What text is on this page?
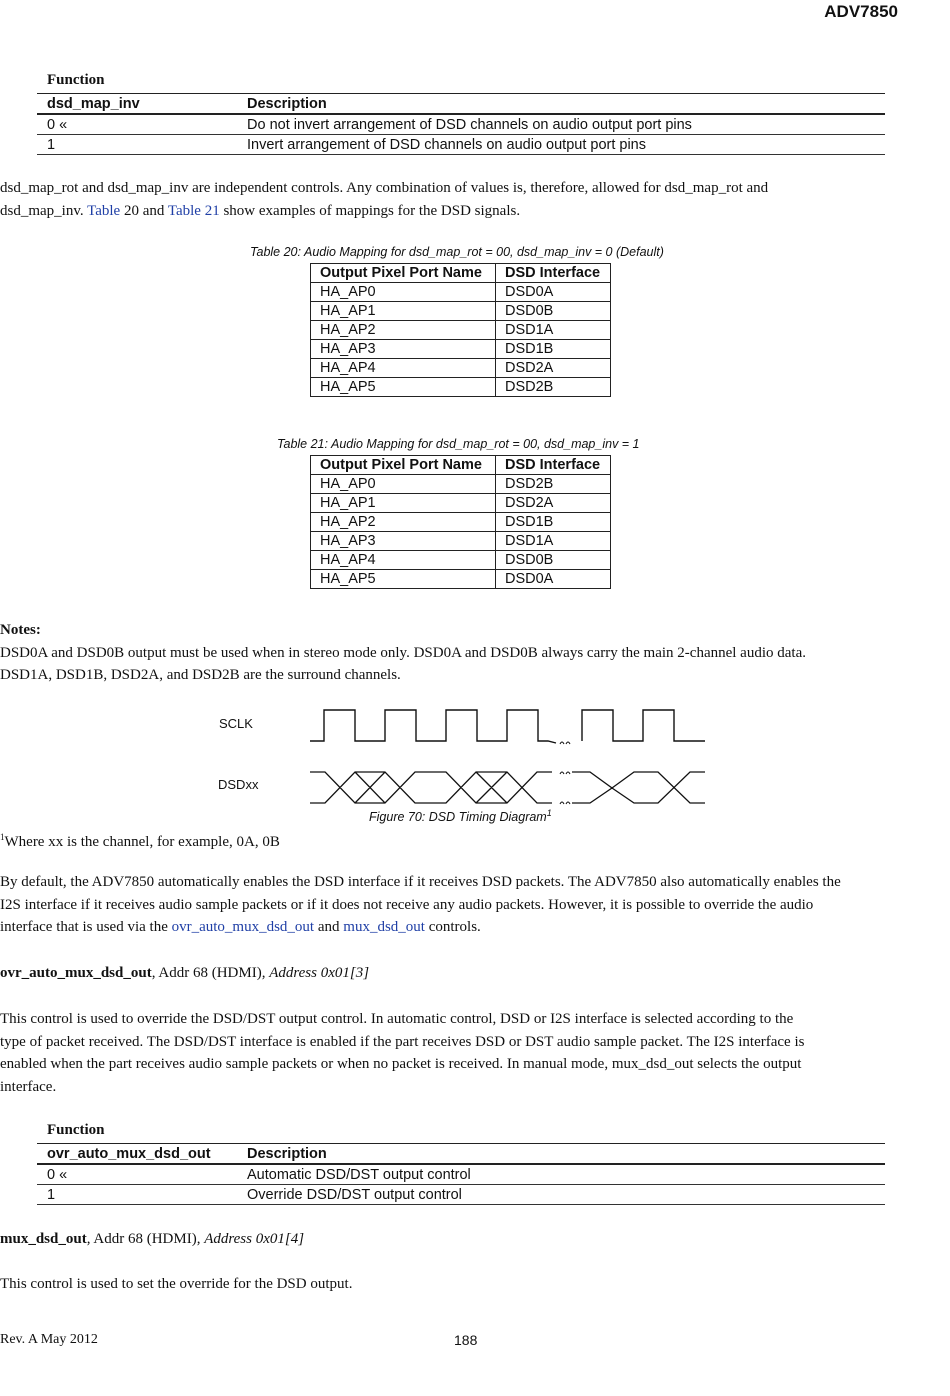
ADV7850
Function
dsd_map_inv	Description
0 «	Do not invert arrangement of DSD channels on audio output port pins
1	Invert arrangement of DSD channels on audio output port pins
dsd_map_rot and dsd_map_inv are independent controls. Any combination of values is, therefore, allowed for dsd_map_rot and
dsd_map_inv. Table 20 and Table 21 show examples of mappings for the DSD signals.
Table 20: Audio Mapping for dsd_map_rot = 00, dsd_map_inv = 0 (Default)
Output Pixel Port Name	DSD Interface
HA_AP0	DSD0A
HA_AP1	DSD0B
HA_AP2	DSD1A
HA_AP3	DSD1B
HA_AP4	DSD2A
HA_AP5	DSD2B
Table 21: Audio Mapping for dsd_map_rot = 00, dsd_map_inv = 1
Output Pixel Port Name	DSD Interface
HA_AP0	DSD2B
HA_AP1	DSD2A
HA_AP2	DSD1B
HA_AP3	DSD1A
HA_AP4	DSD0B
HA_AP5	DSD0A
Notes:
DSD0A and DSD0B output must be used when in stereo mode only. DSD0A and DSD0B always carry the main 2-channel audio data.
DSD1A, DSD1B, DSD2A, and DSD2B are the surround channels.
SCLK
DSDxx
Figure 70: DSD Timing Diagram$^1$
$^1$Where xx is the channel, for example, 0A, 0B
By default, the ADV7850 automatically enables the DSD interface if it receives DSD packets. The ADV7850 also automatically enables the
I2S interface if it receives audio sample packets or if it does not receive any audio packets. However, it is possible to override the audio
interface that is used via the ovr_auto_mux_dsd_out and mux_dsd_out controls.
ovr_auto_mux_dsd_out, Addr 68 (HDMI), Address 0x01[3]
This control is used to override the DSD/DST output control. In automatic control, DSD or I2S interface is selected according to the
type of packet received. The DSD/DST interface is enabled if the part receives DSD or DST audio sample packet. The I2S interface is
enabled when the part receives audio sample packets or when no packet is received. In manual mode, mux_dsd_out selects the output
interface.
Function
ovr_auto_mux_dsd_out	Description
0 «	Automatic DSD/DST output control
1	Override DSD/DST output control
mux_dsd_out, Addr 68 (HDMI), Address 0x01[4]
This control is used to set the override for the DSD output.
Rev. A May 2012	188
